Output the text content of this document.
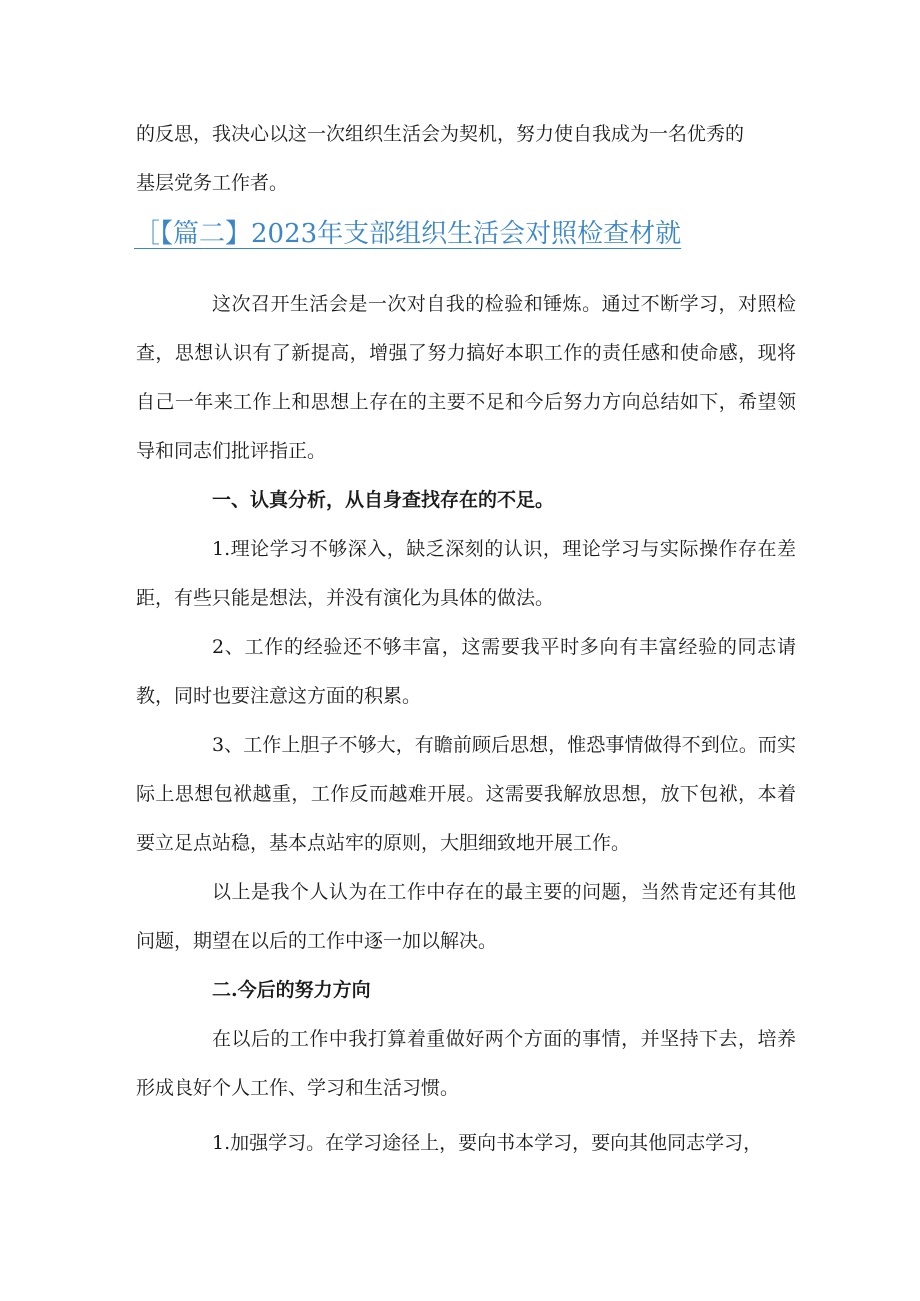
的反思，我决心以这一次组织生活会为契机，努力使自我成为一名优秀的

基层党务工作者。

［【篇二】2023年支部组织生活会对照检查材就

这次召开生活会是一次对自我的检验和锤炼。通过不断学习，对照检查，思想认识有了新提高，增强了努力搞好本职工作的责任感和使命感，现将自己一年来工作上和思想上存在的主要不足和今后努力方向总结如下，希望领导和同志们批评指正。

一、认真分析，从自身查找存在的不足。

1.理论学习不够深入，缺乏深刻的认识，理论学习与实际操作存在差距，有些只能是想法，并没有演化为具体的做法。

2、工作的经验还不够丰富，这需要我平时多向有丰富经验的同志请教，同时也要注意这方面的积累。

3、工作上胆子不够大，有瞻前顾后思想，惟恐事情做得不到位。而实际上思想包袱越重，工作反而越难开展。这需要我解放思想，放下包袱，本着要立足点站稳，基本点站牢的原则，大胆细致地开展工作。

以上是我个人认为在工作中存在的最主要的问题，当然肯定还有其他问题，期望在以后的工作中逐一加以解决。

二.今后的努力方向

在以后的工作中我打算着重做好两个方面的事情，并坚持下去，培养形成良好个人工作、学习和生活习惯。

1.加强学习。在学习途径上，要向书本学习，要向其他同志学习，
